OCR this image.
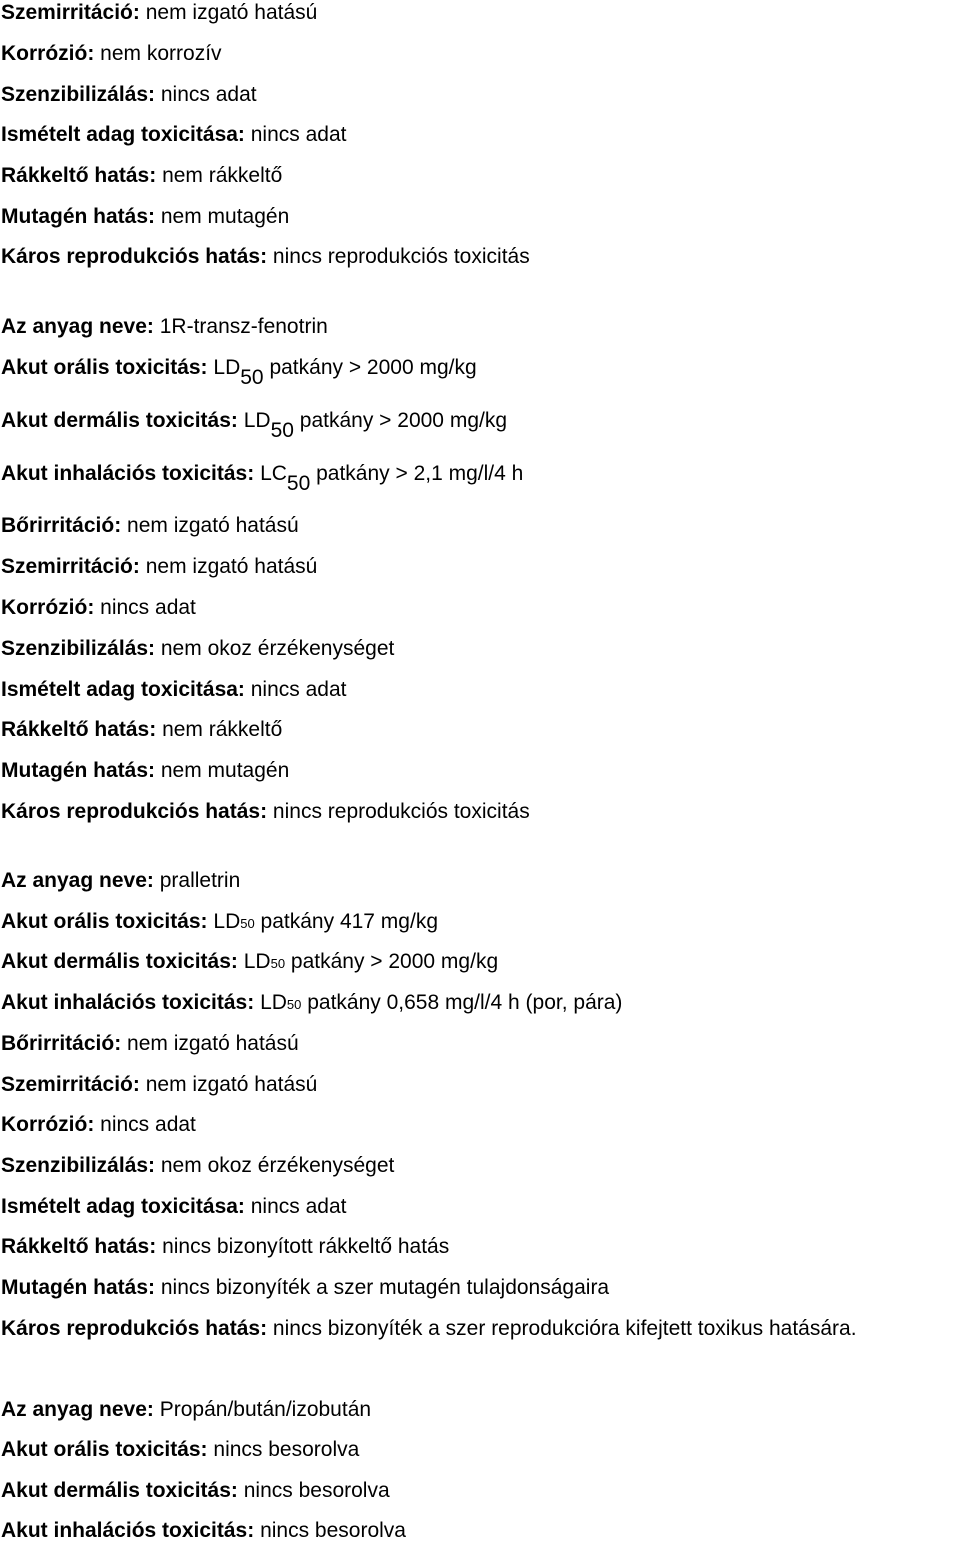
Szemirritáció: nem izgató hatású
Korrózió: nem korrozív
Szenzibilizálás: nincs adat
Ismételt adag toxicitása: nincs adat
Rákkeltő hatás: nem rákkeltő
Mutagén hatás: nem mutagén
Káros reprodukciós hatás: nincs reprodukciós toxicitás
Az anyag neve: 1R-transz-fenotrin
Akut orális toxicitás: LD50 patkány > 2000 mg/kg
Akut dermális toxicitás: LD50 patkány > 2000 mg/kg
Akut inhalációs toxicitás: LC50 patkány > 2,1 mg/l/4 h
Bőrirritáció: nem izgató hatású
Szemirritáció: nem izgató hatású
Korrózió: nincs adat
Szenzibilizálás: nem okoz érzékenységet
Ismételt adag toxicitása: nincs adat
Rákkeltő hatás: nem rákkeltő
Mutagén hatás: nem mutagén
Káros reprodukciós hatás: nincs reprodukciós toxicitás
Az anyag neve: pralletrin
Akut orális toxicitás: LD50 patkány 417 mg/kg
Akut dermális toxicitás: LD50 patkány > 2000 mg/kg
Akut inhalációs toxicitás: LD50 patkány 0,658 mg/l/4 h (por, pára)
Bőrirritáció: nem izgató hatású
Szemirritáció: nem izgató hatású
Korrózió: nincs adat
Szenzibilizálás: nem okoz érzékenységet
Ismételt adag toxicitása: nincs adat
Rákkeltő hatás: nincs bizonyított rákkeltő hatás
Mutagén hatás: nincs bizonyíték a szer mutagén tulajdonságaira
Káros reprodukciós hatás: nincs bizonyíték a szer reprodukcióra kifejtett toxikus hatására.
Az anyag neve: Propán/bután/izobután
Akut orális toxicitás: nincs besorolva
Akut dermális toxicitás: nincs besorolva
Akut inhalációs toxicitás: nincs besorolva
